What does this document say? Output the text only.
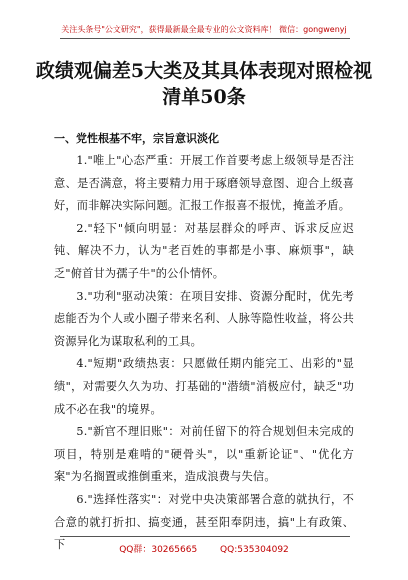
关注头条号"公文研究"，获得最新最全最专业的公文资料库！ 微信：gongwenyj
政绩观偏差5大类及其具体表现对照检视清单50条
一、党性根基不牢，宗旨意识淡化

1."唯上"心态严重：开展工作首要考虑上级领导是否注意、是否满意，将主要精力用于琢磨领导意图、迎合上级喜好，而非解决实际问题。汇报工作报喜不报忧，掩盖矛盾。

2."轻下"倾向明显：对基层群众的呼声、诉求反应迟钝、解决不力，认为"老百姓的事都是小事、麻烦事"，缺乏"俯首甘为孺子牛"的公仆情怀。

3."功利"驱动决策：在项目安排、资源分配时，优先考虑能否为个人或小圈子带来名利、人脉等隐性收益，将公共资源异化为谋取私利的工具。

4."短期"政绩热衷：只愿做任期内能完工、出彩的"显绩"，对需要久久为功、打基础的"潜绩"消极应付，缺乏"功成不必在我"的境界。

5."新官不理旧账"：对前任留下的符合规划但未完成的项目，特别是难啃的"硬骨头"，以"重新论证"、"优化方案"为名搁置或推倒重来，造成浪费与失信。

6."选择性落实"：对党中央决策部署合意的就执行，不合意的就打折扣、搞变通，甚至阳奉阴违，搞"上有政策、下	QQ群：30265665	QQ:535304092
